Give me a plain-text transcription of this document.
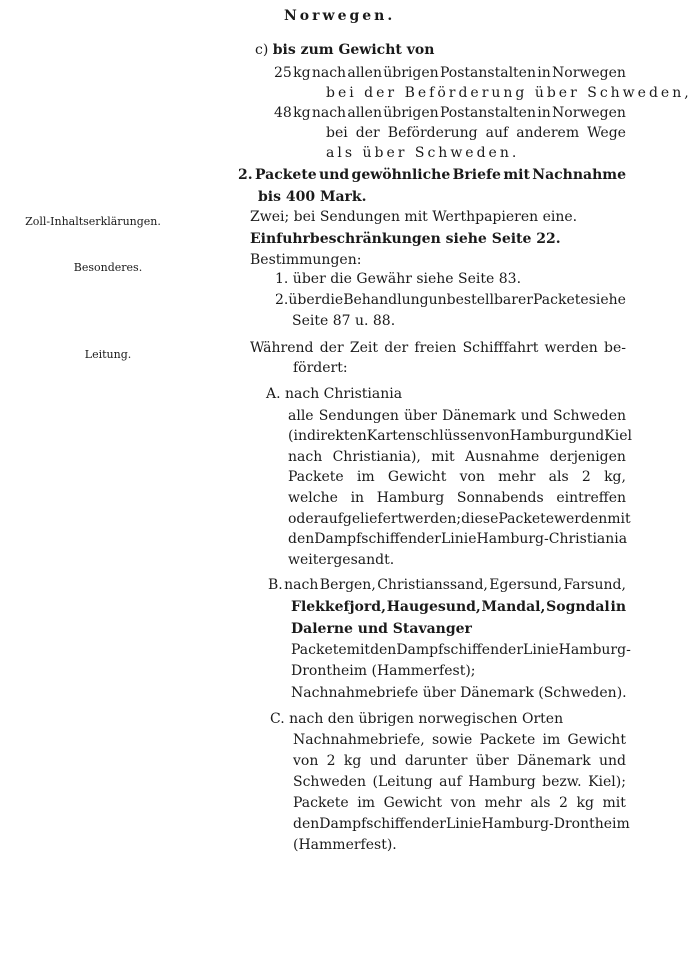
Norwegen.
Zoll-Inhaltserklärungen.
Besonderes.
Leitung.
c) bis zum Gewicht von
25 kg nach allen übrigen Postanstalten in Norwegen
bei der Beförderung über Schweden,
48 kg nach allen übrigen Postanstalten in Norwegen
bei der Beförderung auf anderem Wege
als über Schweden.
2. Packete und gewöhnliche Briefe mit Nachnahme
bis 400 Mark.
Zwei; bei Sendungen mit Werthpapieren eine.
Einfuhrbeschränkungen siehe Seite 22.
Bestimmungen:
1. über die Gewähr siehe Seite 83.
2. über die Behandlung unbestellbarer Packete siehe
Seite 87 u. 88.
Während der Zeit der freien Schifffahrt werden be-
fördert:
A. nach Christiania
alle Sendungen über Dänemark und Schweden
(in direkten Kartenschlüssen von Hamburg und Kiel
nach Christiania), mit Ausnahme derjenigen
Packete im Gewicht von mehr als 2 kg,
welche in Hamburg Sonnabends eintreffen
oder aufgeliefert werden; diese Packete werden mit
den Dampfschiffen der Linie Hamburg-Christiania
weitergesandt.
B. nach Bergen, Christianssand, Egersund, Farsund,
Flekkefjord, Haugesund, Mandal, Sogndal in
Dalerne und Stavanger
Packete mit den Dampfschiffen der Linie Hamburg-
Drontheim (Hammerfest);
Nachnahmebriefe über Dänemark (Schweden).
C. nach den übrigen norwegischen Orten
Nachnahmebriefe, sowie Packete im Gewicht
von 2 kg und darunter über Dänemark und
Schweden (Leitung auf Hamburg bezw. Kiel);
Packete im Gewicht von mehr als 2 kg mit
den Dampfschiffen der Linie Hamburg-Drontheim
(Hammerfest).
